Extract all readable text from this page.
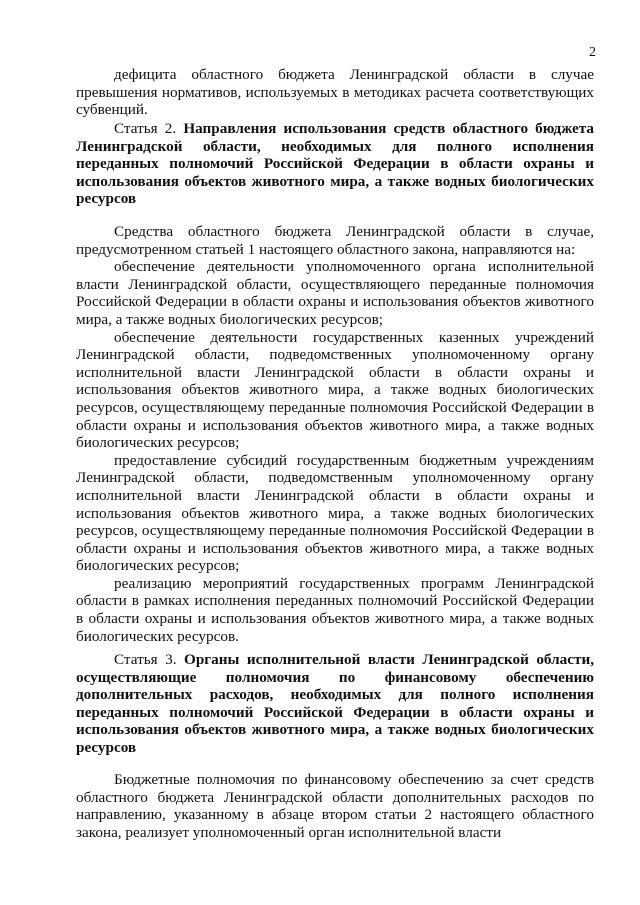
2

дефицита областного бюджета Ленинградской области в случае превышения нормативов, используемых в методиках расчета соответствующих субвенций.

Статья 2. Направления использования средств областного бюджета Ленинградской области, необходимых для полного исполнения переданных полномочий Российской Федерации в области охраны и использования объектов животного мира, а также водных биологических ресурсов

Средства областного бюджета Ленинградской области в случае, предусмотренном статьей 1 настоящего областного закона, направляются на:

обеспечение деятельности уполномоченного органа исполнительной власти Ленинградской области, осуществляющего переданные полномочия Российской Федерации в области охраны и использования объектов животного мира, а также водных биологических ресурсов;

обеспечение деятельности государственных казенных учреждений Ленинградской области, подведомственных уполномоченному органу исполнительной власти Ленинградской области в области охраны и использования объектов животного мира, а также водных биологических ресурсов, осуществляющему переданные полномочия Российской Федерации в области охраны и использования объектов животного мира, а также водных биологических ресурсов;

предоставление субсидий государственным бюджетным учреждениям Ленинградской области, подведомственным уполномоченному органу исполнительной власти Ленинградской области в области охраны и использования объектов животного мира, а также водных биологических ресурсов, осуществляющему переданные полномочия Российской Федерации в области охраны и использования объектов животного мира, а также водных биологических ресурсов;

реализацию мероприятий государственных программ Ленинградской области в рамках исполнения переданных полномочий Российской Федерации в области охраны и использования объектов животного мира, а также водных биологических ресурсов.

Статья 3. Органы исполнительной власти Ленинградской области, осуществляющие полномочия по финансовому обеспечению дополнительных расходов, необходимых для полного исполнения переданных полномочий Российской Федерации в области охраны и использования объектов животного мира, а также водных биологических ресурсов

Бюджетные полномочия по финансовому обеспечению за счет средств областного бюджета Ленинградской области дополнительных расходов по направлению, указанному в абзаце втором статьи 2 настоящего областного закона, реализует уполномоченный орган исполнительной власти
